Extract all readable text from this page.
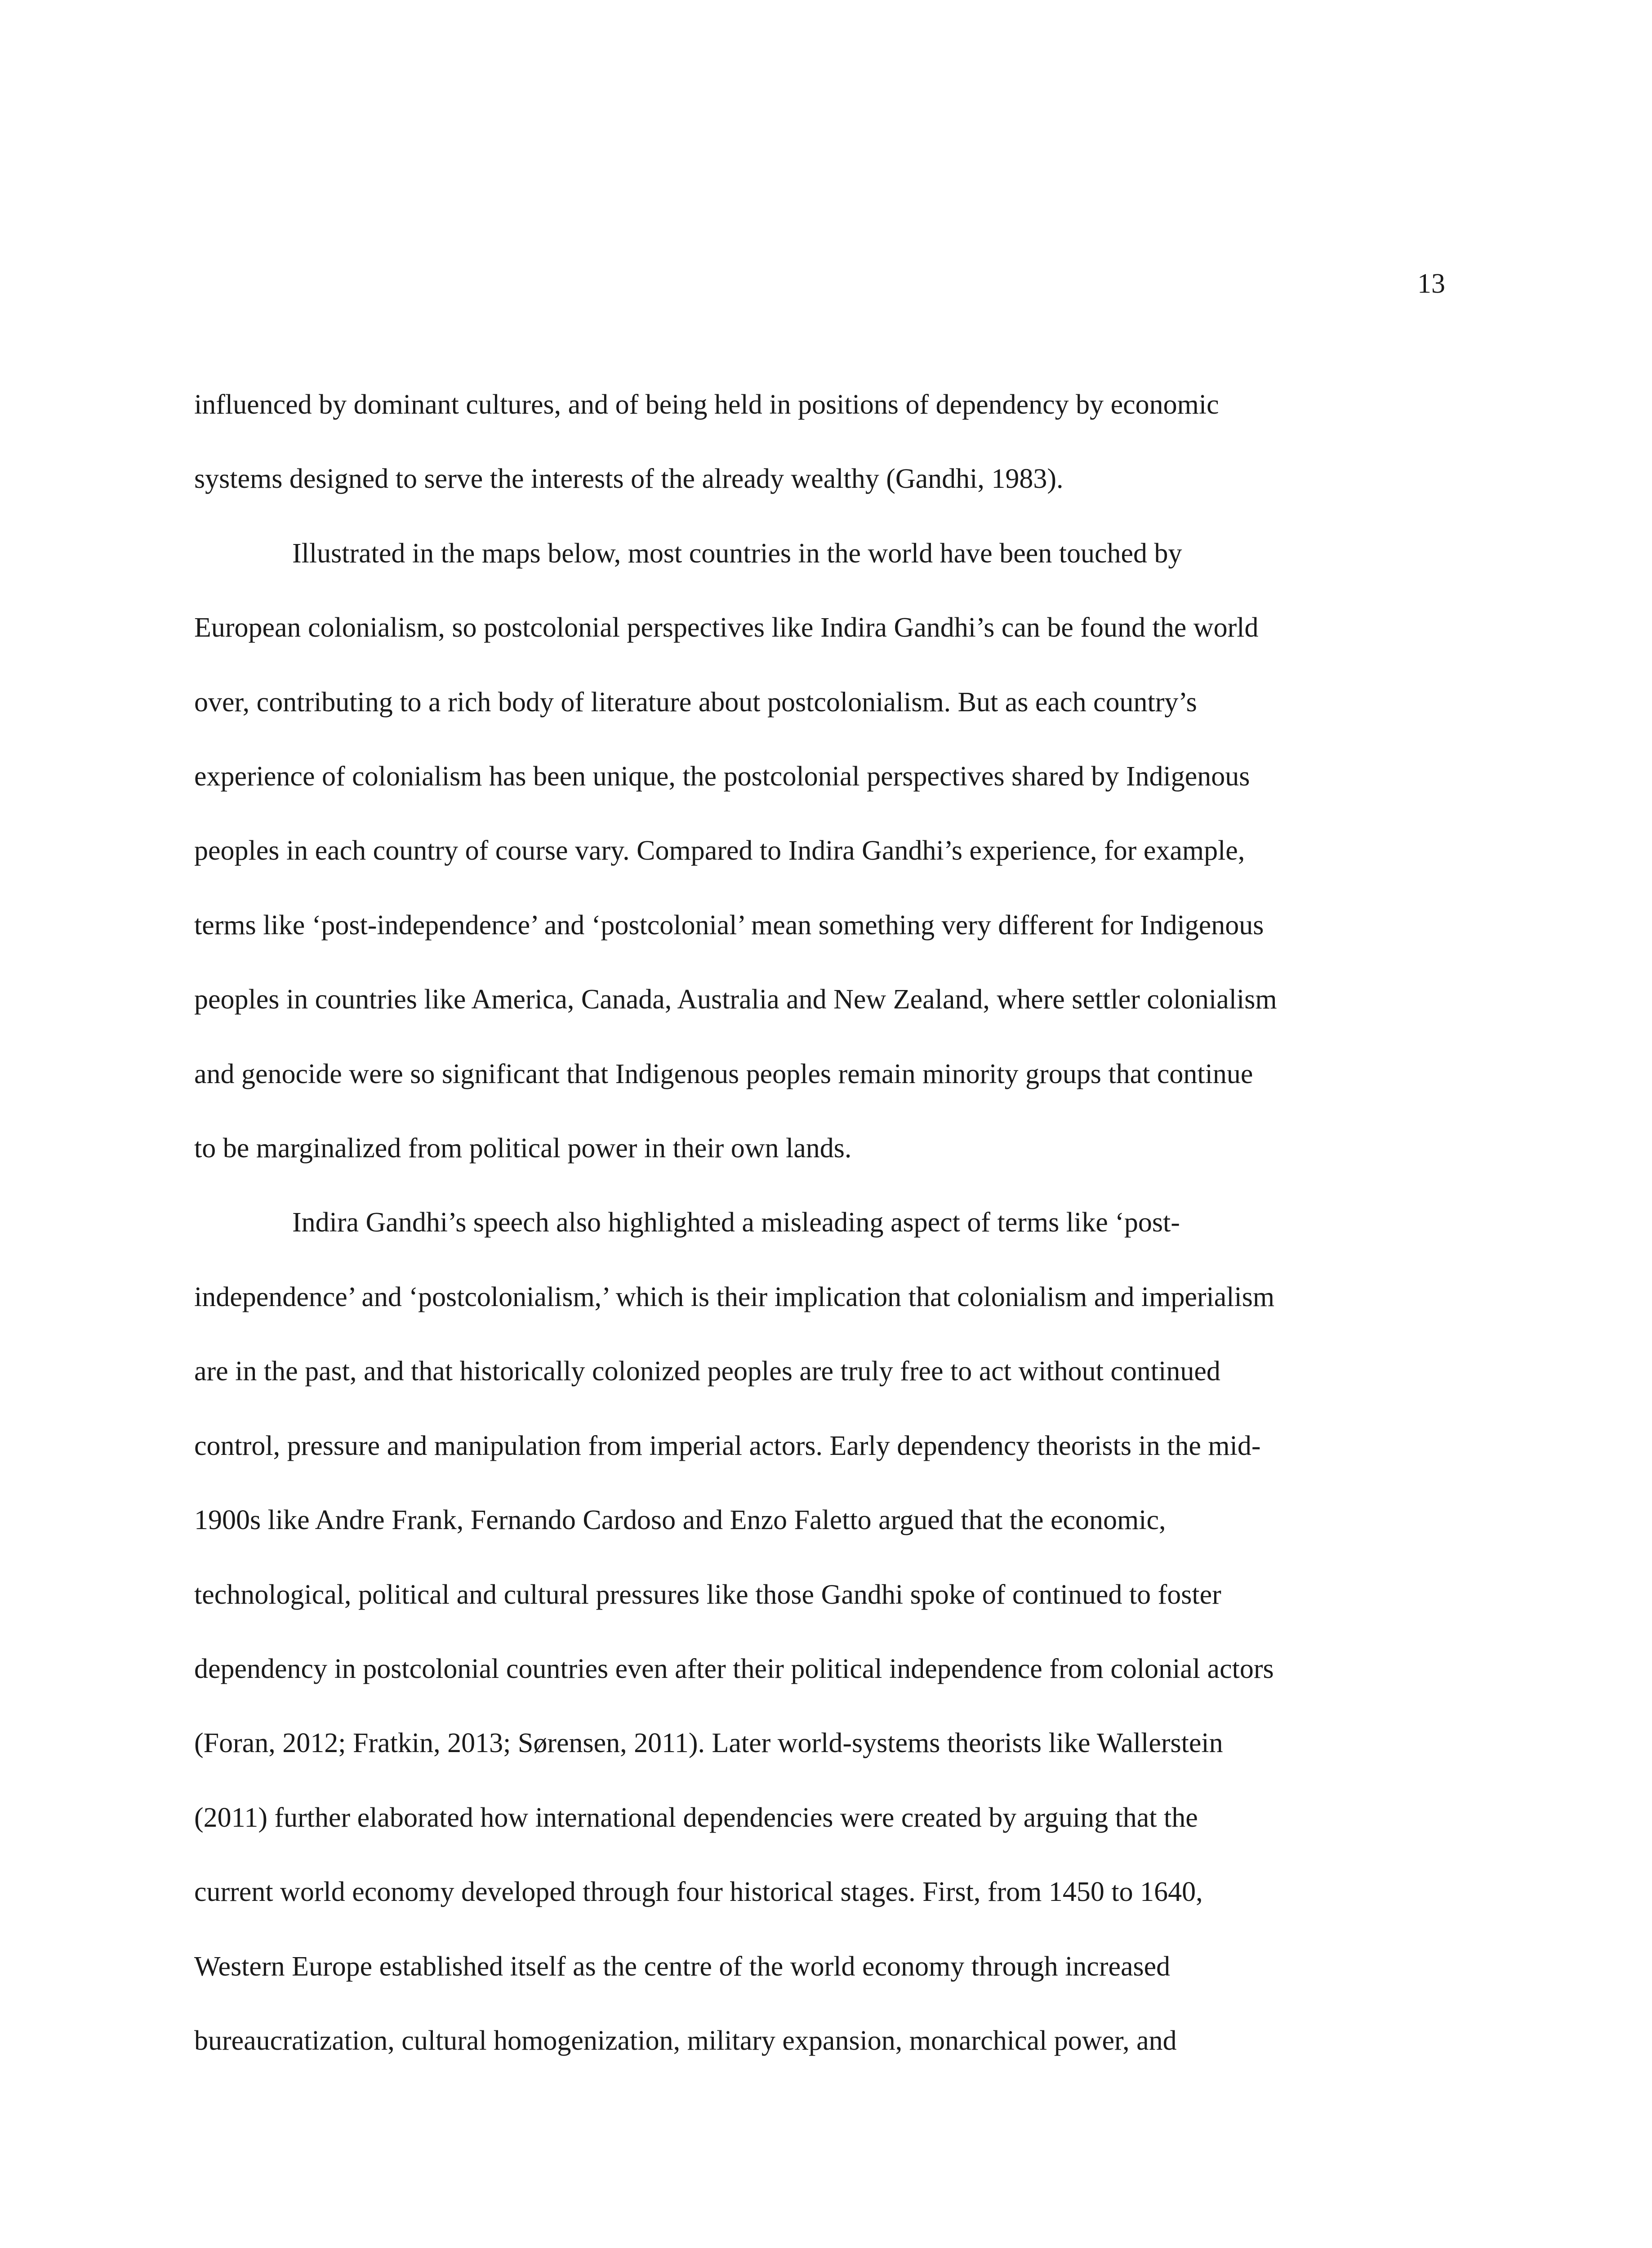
13

influenced by dominant cultures, and of being held in positions of dependency by economic
systems designed to serve the interests of the already wealthy (Gandhi, 1983).

Illustrated in the maps below, most countries in the world have been touched by
European colonialism, so postcolonial perspectives like Indira Gandhi’s can be found the world
over, contributing to a rich body of literature about postcolonialism. But as each country’s
experience of colonialism has been unique, the postcolonial perspectives shared by Indigenous
peoples in each country of course vary. Compared to Indira Gandhi’s experience, for example,
terms like ‘post-independence’ and ‘postcolonial’ mean something very different for Indigenous
peoples in countries like America, Canada, Australia and New Zealand, where settler colonialism
and genocide were so significant that Indigenous peoples remain minority groups that continue
to be marginalized from political power in their own lands.

Indira Gandhi’s speech also highlighted a misleading aspect of terms like ‘post-
independence’ and ‘postcolonialism,’ which is their implication that colonialism and imperialism
are in the past, and that historically colonized peoples are truly free to act without continued
control, pressure and manipulation from imperial actors. Early dependency theorists in the mid-
1900s like Andre Frank, Fernando Cardoso and Enzo Faletto argued that the economic,
technological, political and cultural pressures like those Gandhi spoke of continued to foster
dependency in postcolonial countries even after their political independence from colonial actors
(Foran, 2012; Fratkin, 2013; Sørensen, 2011). Later world-systems theorists like Wallerstein
(2011) further elaborated how international dependencies were created by arguing that the
current world economy developed through four historical stages. First, from 1450 to 1640,
Western Europe established itself as the centre of the world economy through increased
bureaucratization, cultural homogenization, military expansion, monarchical power, and
